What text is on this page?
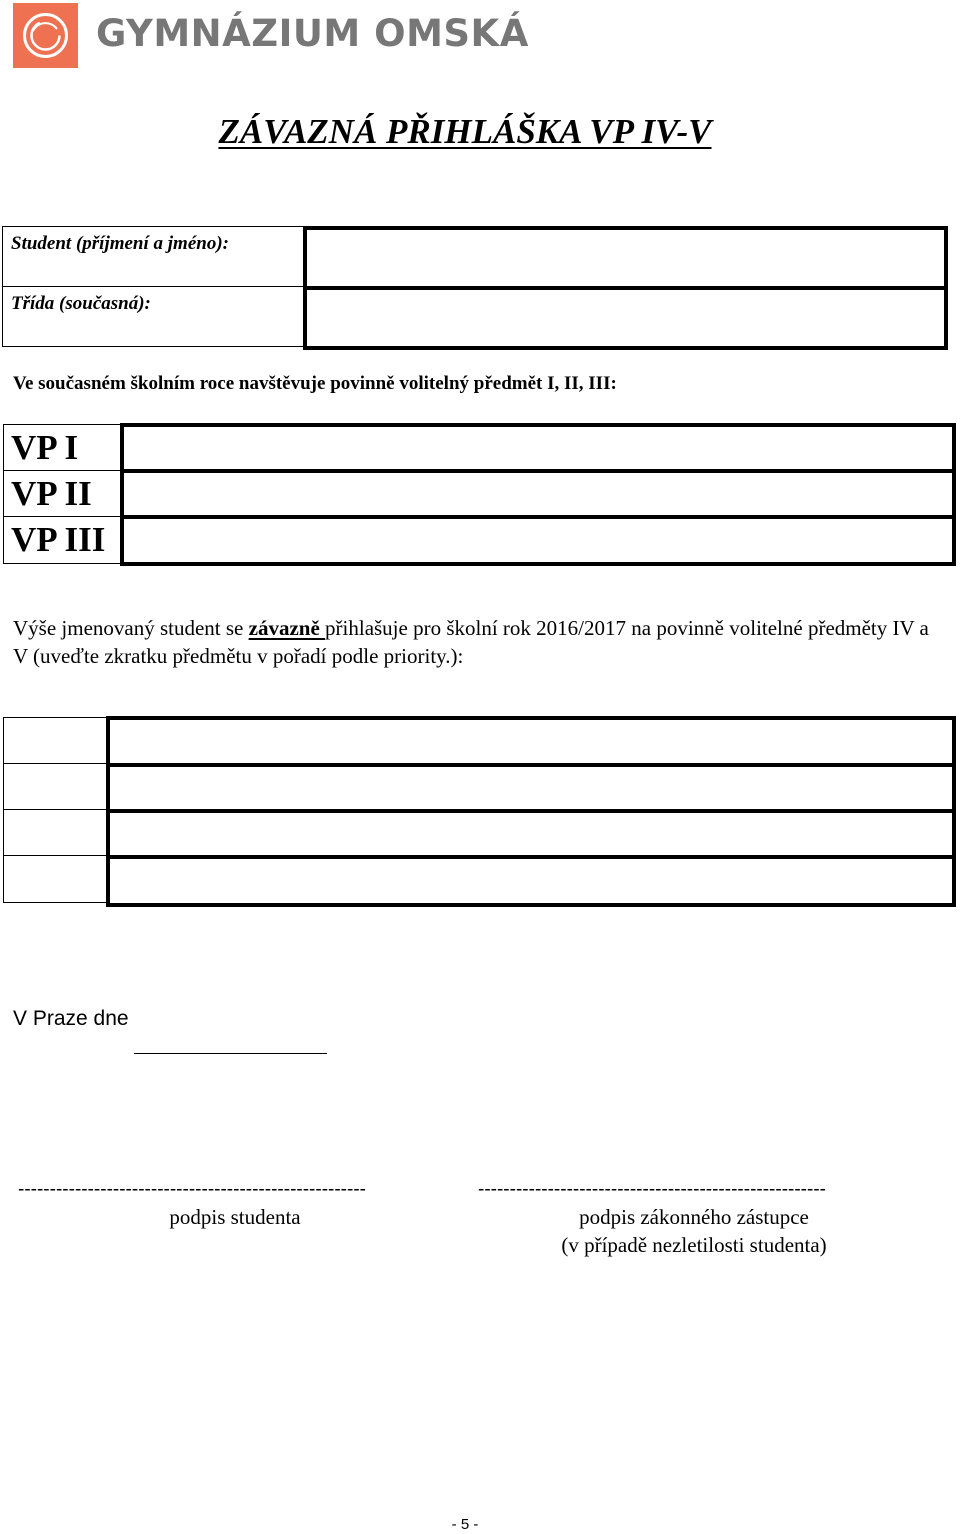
GYMNÁZIUM OMSKÁ
ZÁVAZNÁ PŘIHLÁŠKA VP IV-V
Student (příjmení a jméno):
Třída (současná):
Ve současném školním roce navštěvuje povinně volitelný předmět I, II, III:
VP I
VP II
VP III
Výše jmenovaný student se závazně přihlašuje pro školní rok 2016/2017 na povinně volitelné předměty IV a V (uveďte zkratku předmětu v pořadí podle priority.):
V Praze dne
-------------------------------------------------------	-------------------------------------------------------
podpis studenta	podpis zákonného zástupce
(v případě nezletilosti studenta)
- 5 -
